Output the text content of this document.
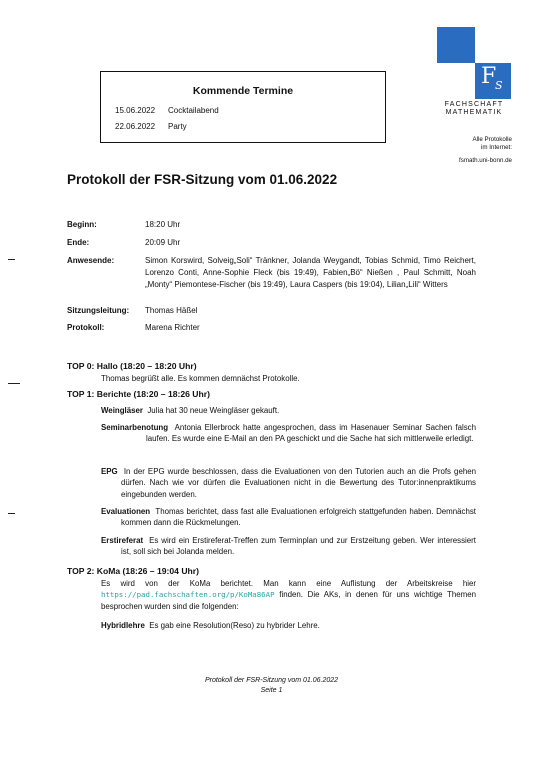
Kommende Termine
15.06.2022 Cocktailabend
22.06.2022 Party
F
S
FACHSCHAFT
MATHEMATIK
Alle Protokolle
im Internet:
fsmath.uni-bonn.de
Protokoll der FSR-Sitzung vom 01.06.2022
Beginn:	18:20 Uhr
Ende:	20:09 Uhr
Anwesende:	Simon Korswird, Solveig„Soli“ Tränkner, Jolanda Weygandt, Tobias Schmid, Timo Reichert, Lorenzo Conti, Anne-Sophie Fleck (bis 19:49), Fabien„Bö“ Nießen , Paul Schmitt, Noah „Monty“ Piemontese-Fischer (bis 19:49), Laura Caspers (bis 19:04), Lilian„Lili“ Witters
Sitzungsleitung: Thomas Häßel
Protokoll:	Marena Richter
TOP 0: Hallo (18:20 – 18:20 Uhr)
Thomas begrüßt alle. Es kommen demnächst Protokolle.
TOP 1: Berichte (18:20 – 18:26 Uhr)
Weingläser Julia hat 30 neue Weingläser gekauft.
Seminarbenotung Antonia Ellerbrock hatte angesprochen, dass im Hasenauer Seminar Sachen falsch laufen. Es wurde eine E-Mail an den PA geschickt und die Sache hat sich mittlerweile erledigt.
EPG In der EPG wurde beschlossen, dass die Evaluationen von den Tutorien auch an die Profs gehen dürfen. Nach wie vor dürfen die Evaluationen nicht in die Bewertung des Tutor:innenpraktikums eingebunden werden.
Evaluationen Thomas berichtet, dass fast alle Evaluationen erfolgreich stattgefunden haben. Demnächst kommen dann die Rückmelungen.
Erstireferat Es wird ein Erstireferat-Treffen zum Terminplan und zur Erstzeitung geben. Wer interessiert ist, soll sich bei Jolanda melden.
TOP 2: KoMa (18:26 – 19:04 Uhr)
Es wird von der KoMa berichtet. Man kann eine Auflistung der Arbeitskreise hier https://pad.fachschaften.org/p/KoMa86AP finden. Die AKs, in denen für uns wichtige Themen besprochen wurden sind die folgenden:
Hybridlehre Es gab eine Resolution(Reso) zu hybrider Lehre.
Protokoll der FSR-Sitzung vom 01.06.2022
Seite 1
